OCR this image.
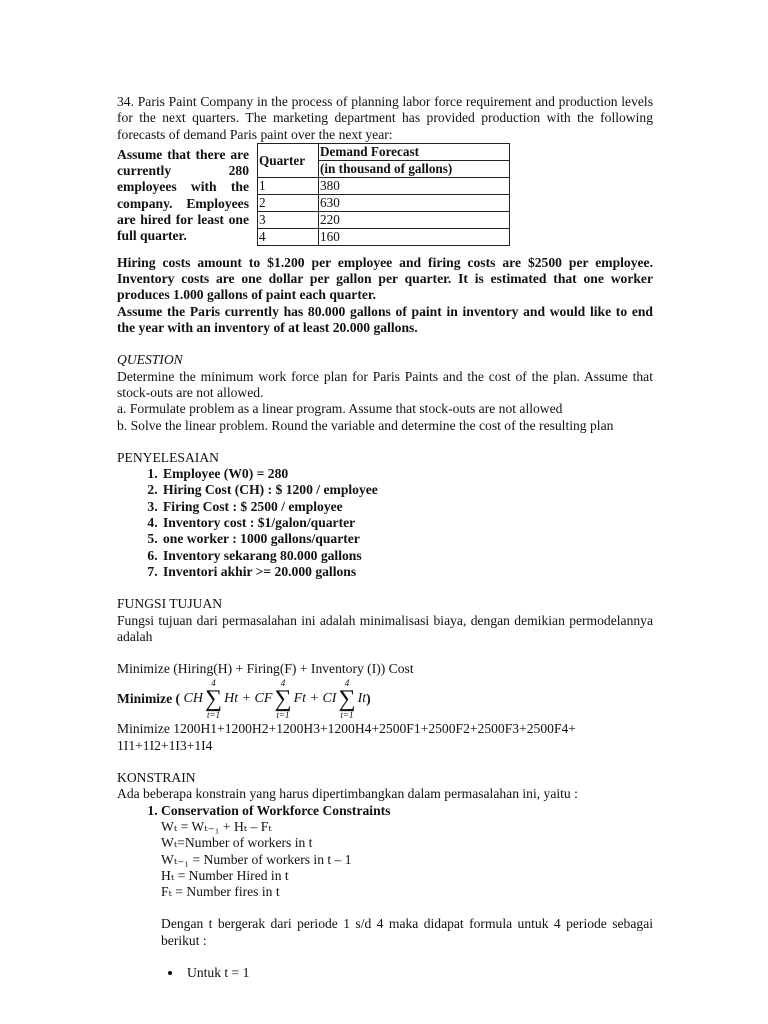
34. Paris Paint Company in the process of planning labor force requirement and production levels for the next quarters. The marketing department has provided production with the following forecasts of demand Paris paint over the next year:

Assume that there are currently 280 employees with the company. Employees are hired for least one full quarter.

Quarter	Demand Forecast
	(in thousand of gallons)
1	380
2	630
3	220
4	160

Hiring costs amount to $1.200 per employee and firing costs are $2500 per employee. Inventory costs are one dollar per gallon per quarter. It is estimated that one worker produces 1.000 gallons of paint each quarter.

Assume the Paris currently has 80.000 gallons of paint in inventory and would like to end the year with an inventory of at least 20.000 gallons.

QUESTION

Determine the minimum work force plan for Paris Paints and the cost of the plan. Assume that stock-outs are not allowed.

a. Formulate problem as a linear program. Assume that stock-outs are not allowed

b. Solve the linear problem. Round the variable and determine the cost of the resulting plan

PENYELESAIAN

1. Employee (W0) = 280
2. Hiring Cost (CH) : $ 1200 / employee
3. Firing Cost : $ 2500 / employee
4. Inventory cost : $1/galon/quarter
5. one worker : 1000 gallons/quarter
6. Inventory sekarang 80.000 gallons
7. Inventori akhir >= 20.000 gallons

FUNGSI TUJUAN

Fungsi tujuan dari permasalahan ini adalah minimalisasi biaya, dengan demikian permodelannya adalah

Minimize (Hiring(H) + Firing(F) + Inventory (I)) Cost

Minimize (
CH
4
∑
t=1
Ht + CF
4
∑
t=1
Ft + CI
4
∑
t=1
It )

Minimize 1200H1+1200H2+1200H3+1200H4+2500F1+2500F2+2500F3+2500F4+ 1I1+1I2+1I3+1I4

KONSTRAIN

Ada beberapa konstrain yang harus dipertimbangkan dalam permasalahan ini, yaitu :

1. Conservation of Workforce Constraints

Wₜ = Wₜ₋₁ + Hₜ – Fₜ

Wₜ=Number of workers in t

Wₜ₋₁ = Number of workers in t – 1

Hₜ = Number Hired in t

Fₜ = Number fires in t

Dengan t bergerak dari periode 1 s/d 4 maka didapat formula untuk 4 periode sebagai berikut :

• Untuk t = 1
